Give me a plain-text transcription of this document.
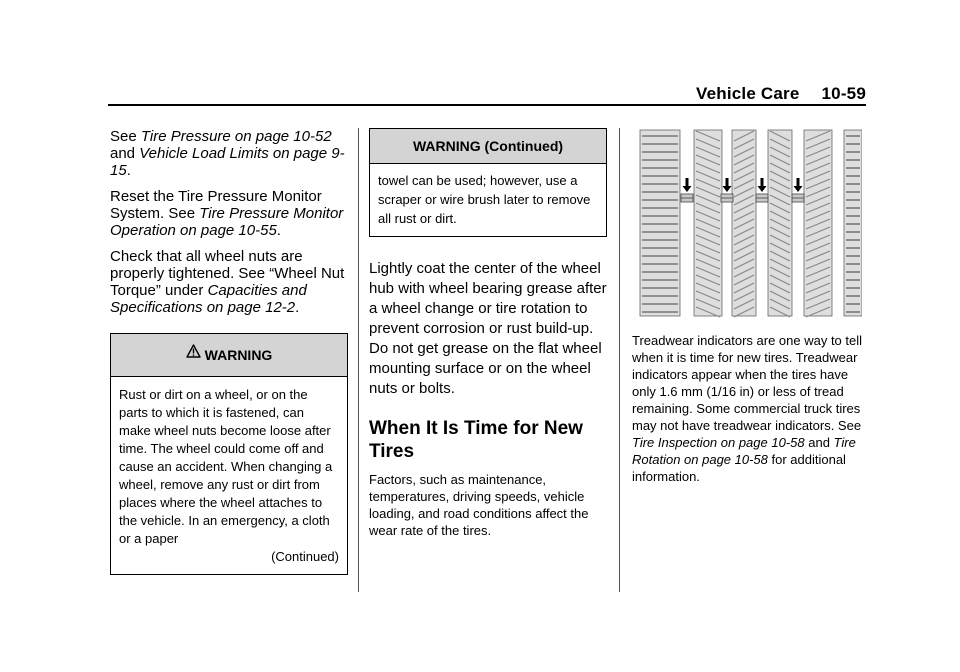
Vehicle Care 10-59

See Tire Pressure on page 10-52 and Vehicle Load Limits on page 9-15.

Reset the Tire Pressure Monitor System. See Tire Pressure Monitor Operation on page 10-55.

Check that all wheel nuts are properly tightened. See “Wheel Nut Torque” under Capacities and Specifications on page 12-2.

WARNING

Rust or dirt on a wheel, or on the parts to which it is fastened, can make wheel nuts become loose after time. The wheel could come off and cause an accident. When changing a wheel, remove any rust or dirt from places where the wheel attaches to the vehicle. In an emergency, a cloth or a paper

(Continued)

WARNING (Continued)

towel can be used; however, use a scraper or wire brush later to remove all rust or dirt.

Lightly coat the center of the wheel hub with wheel bearing grease after a wheel change or tire rotation to prevent corrosion or rust build-up. Do not get grease on the flat wheel mounting surface or on the wheel nuts or bolts.

When It Is Time for New Tires

Factors, such as maintenance, temperatures, driving speeds, vehicle loading, and road conditions affect the wear rate of the tires.

Treadwear indicators are one way to tell when it is time for new tires. Treadwear indicators appear when the tires have only 1.6 mm (1/16 in) or less of tread remaining. Some commercial truck tires may not have treadwear indicators. See Tire Inspection on page 10-58 and Tire Rotation on page 10-58 for additional information.
